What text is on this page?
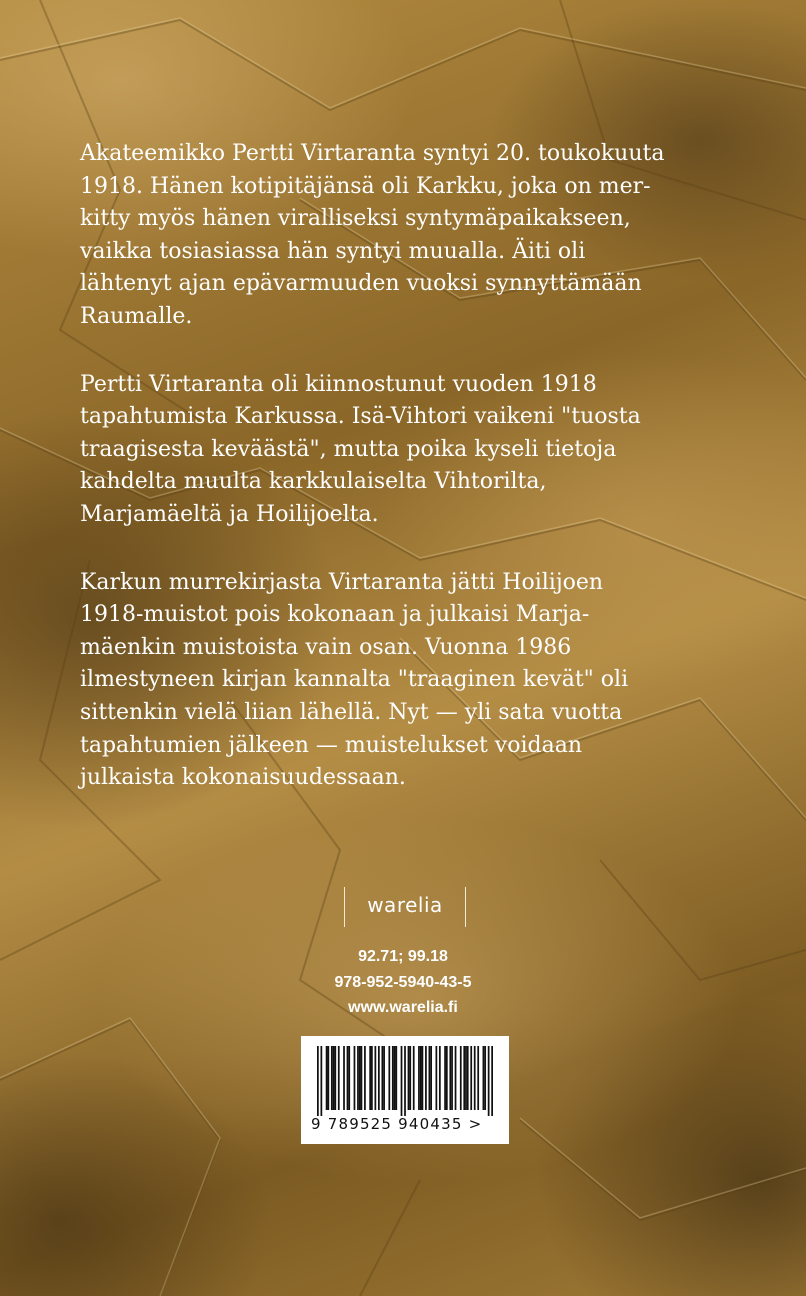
Akateemikko Pertti Virtaranta syntyi 20. toukokuuta
1918. Hänen kotipitäjänsä oli Karkku, joka on mer-
kitty myös hänen viralliseksi syntymäpaikakseen,
vaikka tosiasiassa hän syntyi muualla. Äiti oli
lähtenyt ajan epävarmuuden vuoksi synnyttämään
Raumalle.

Pertti Virtaranta oli kiinnostunut vuoden 1918
tapahtumista Karkussa. Isä-Vihtori vaikeni "tuosta
traagisesta keväästä", mutta poika kyseli tietoja
kahdelta muulta karkkulaiselta Vihtorilta,
Marjamäeltä ja Hoilijoelta.

Karkun murrekirjasta Virtaranta jätti Hoilijoen
1918-muistot pois kokonaan ja julkaisi Marja-
mäenkin muistoista vain osan. Vuonna 1986
ilmestyneen kirjan kannalta "traaginen kevät" oli
sittenkin vielä liian lähellä. Nyt — yli sata vuotta
tapahtumien jälkeen — muistelukset voidaan
julkaista kokonaisuudessaan.

warelia
92.71; 99.18
978-952-5940-43-5
www.warelia.fi
9 789525 940435 >
